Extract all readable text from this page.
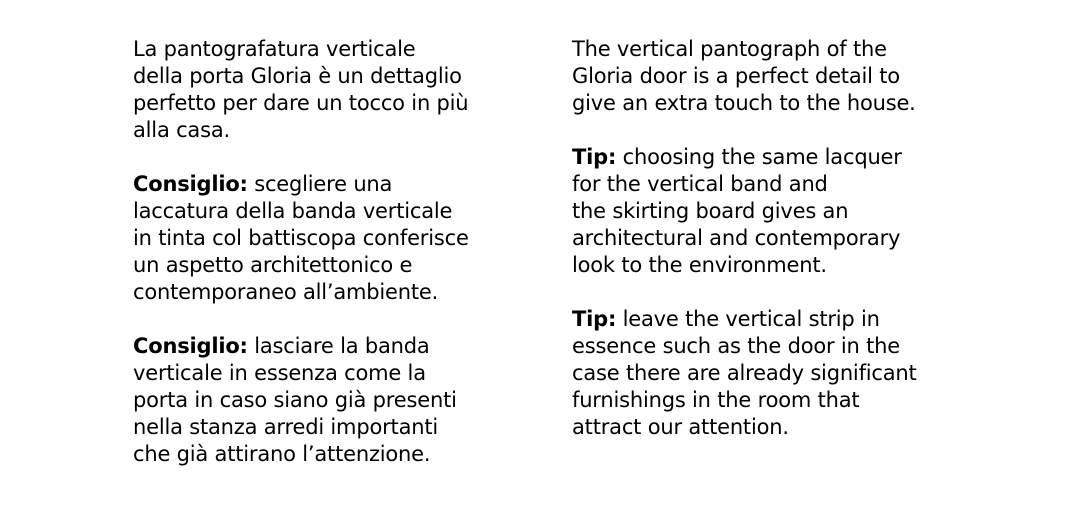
La pantografatura verticale
della porta Gloria è un dettaglio
perfetto per dare un tocco in più
alla casa.
Consiglio: scegliere una
laccatura della banda verticale
in tinta col battiscopa conferisce
un aspetto architettonico e
contemporaneo all’ambiente.
Consiglio: lasciare la banda
verticale in essenza come la
porta in caso siano già presenti
nella stanza arredi importanti
che già attirano l’attenzione.
The vertical pantograph of the
Gloria door is a perfect detail to
give an extra touch to the house.
Tip: choosing the same lacquer
for the vertical band and
the skirting board gives an
architectural and contemporary
look to the environment.
Tip: leave the vertical strip in
essence such as the door in the
case there are already significant
furnishings in the room that
attract our attention.
